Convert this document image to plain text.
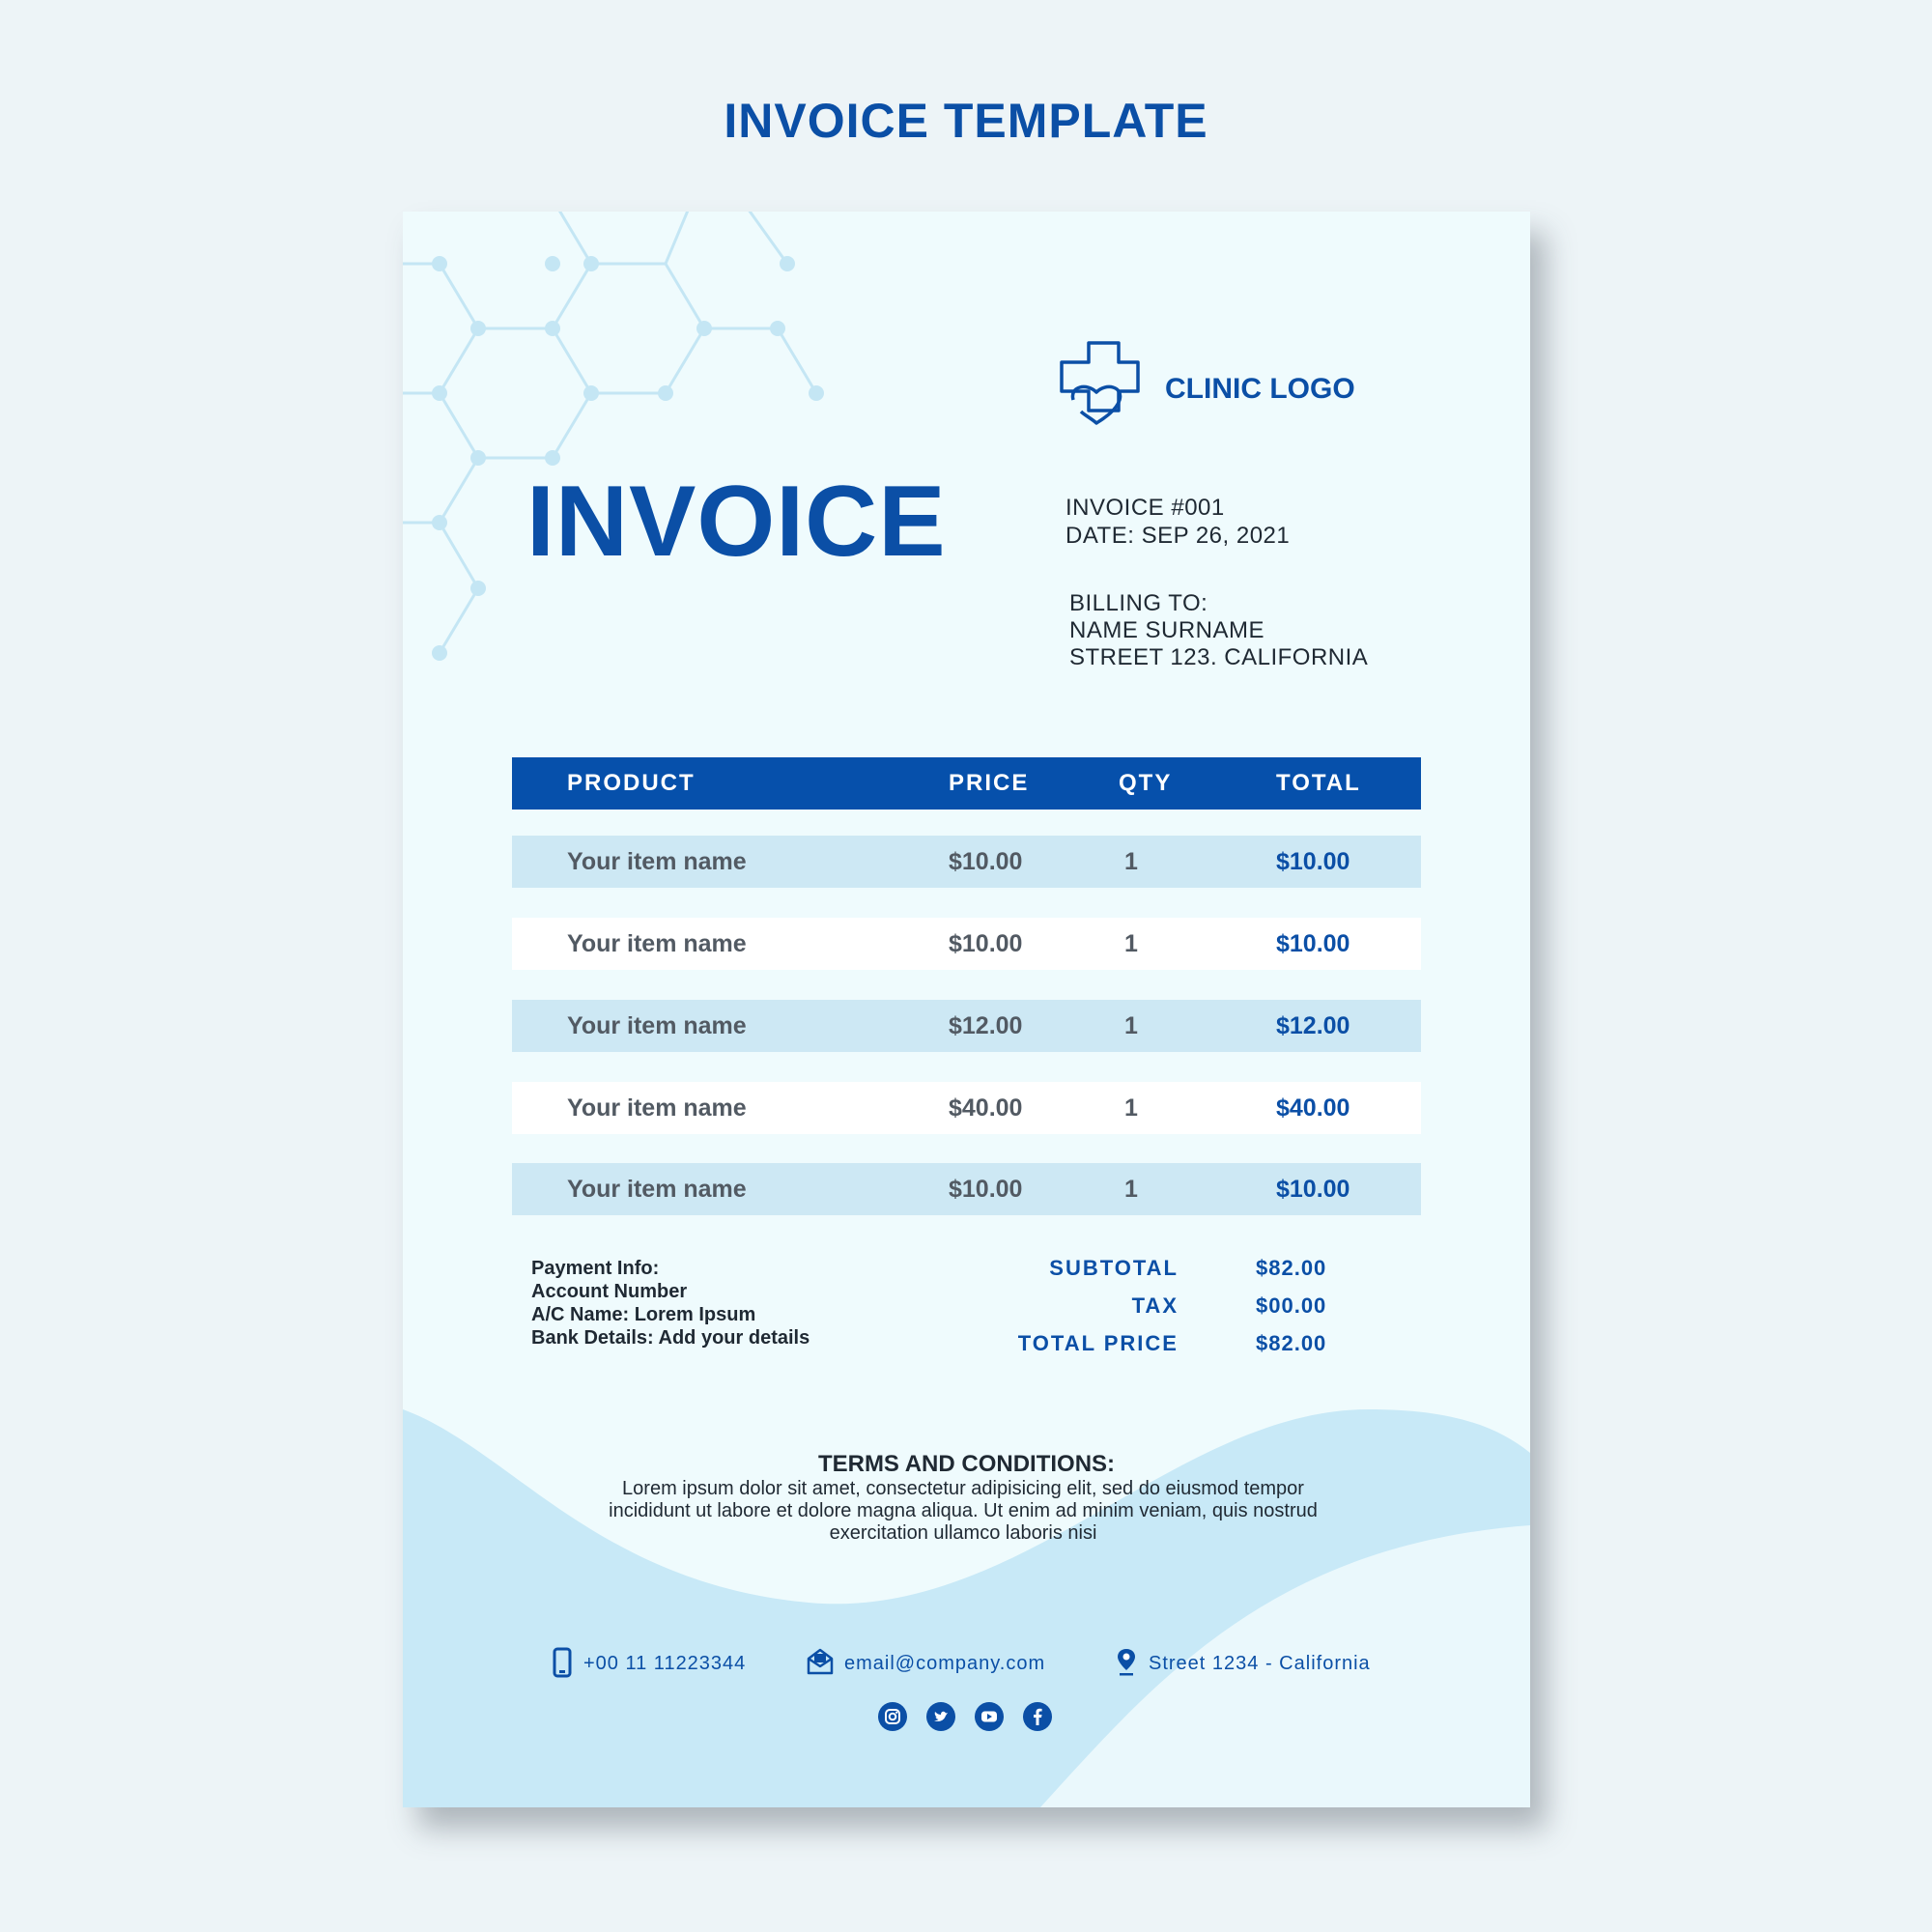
INVOICE TEMPLATE
CLINIC LOGO
INVOICE	INVOICE #001
DATE: SEP 26, 2021
BILLING TO:
NAME SURNAME
STREET 123. CALIFORNIA
PRODUCT	PRICE	QTY	TOTAL
Your item name	$10.00	1	$10.00
Your item name	$10.00	1	$10.00
Your item name	$12.00	1	$12.00
Your item name	$40.00	1	$40.00
Your item name	$10.00	1	$10.00
Payment Info:
Account Number
A/C Name: Lorem Ipsum
Bank Details: Add your details
SUBTOTAL	$82.00
TAX	$00.00
TOTAL PRICE	$82.00
TERMS AND CONDITIONS:
Lorem ipsum dolor sit amet, consectetur adipisicing elit, sed do eiusmod tempor
incididunt ut labore et dolore magna aliqua. Ut enim ad minim veniam, quis nostrud
exercitation ullamco laboris nisi
+00 11 11223344	email@company.com	Street 1234 - California
